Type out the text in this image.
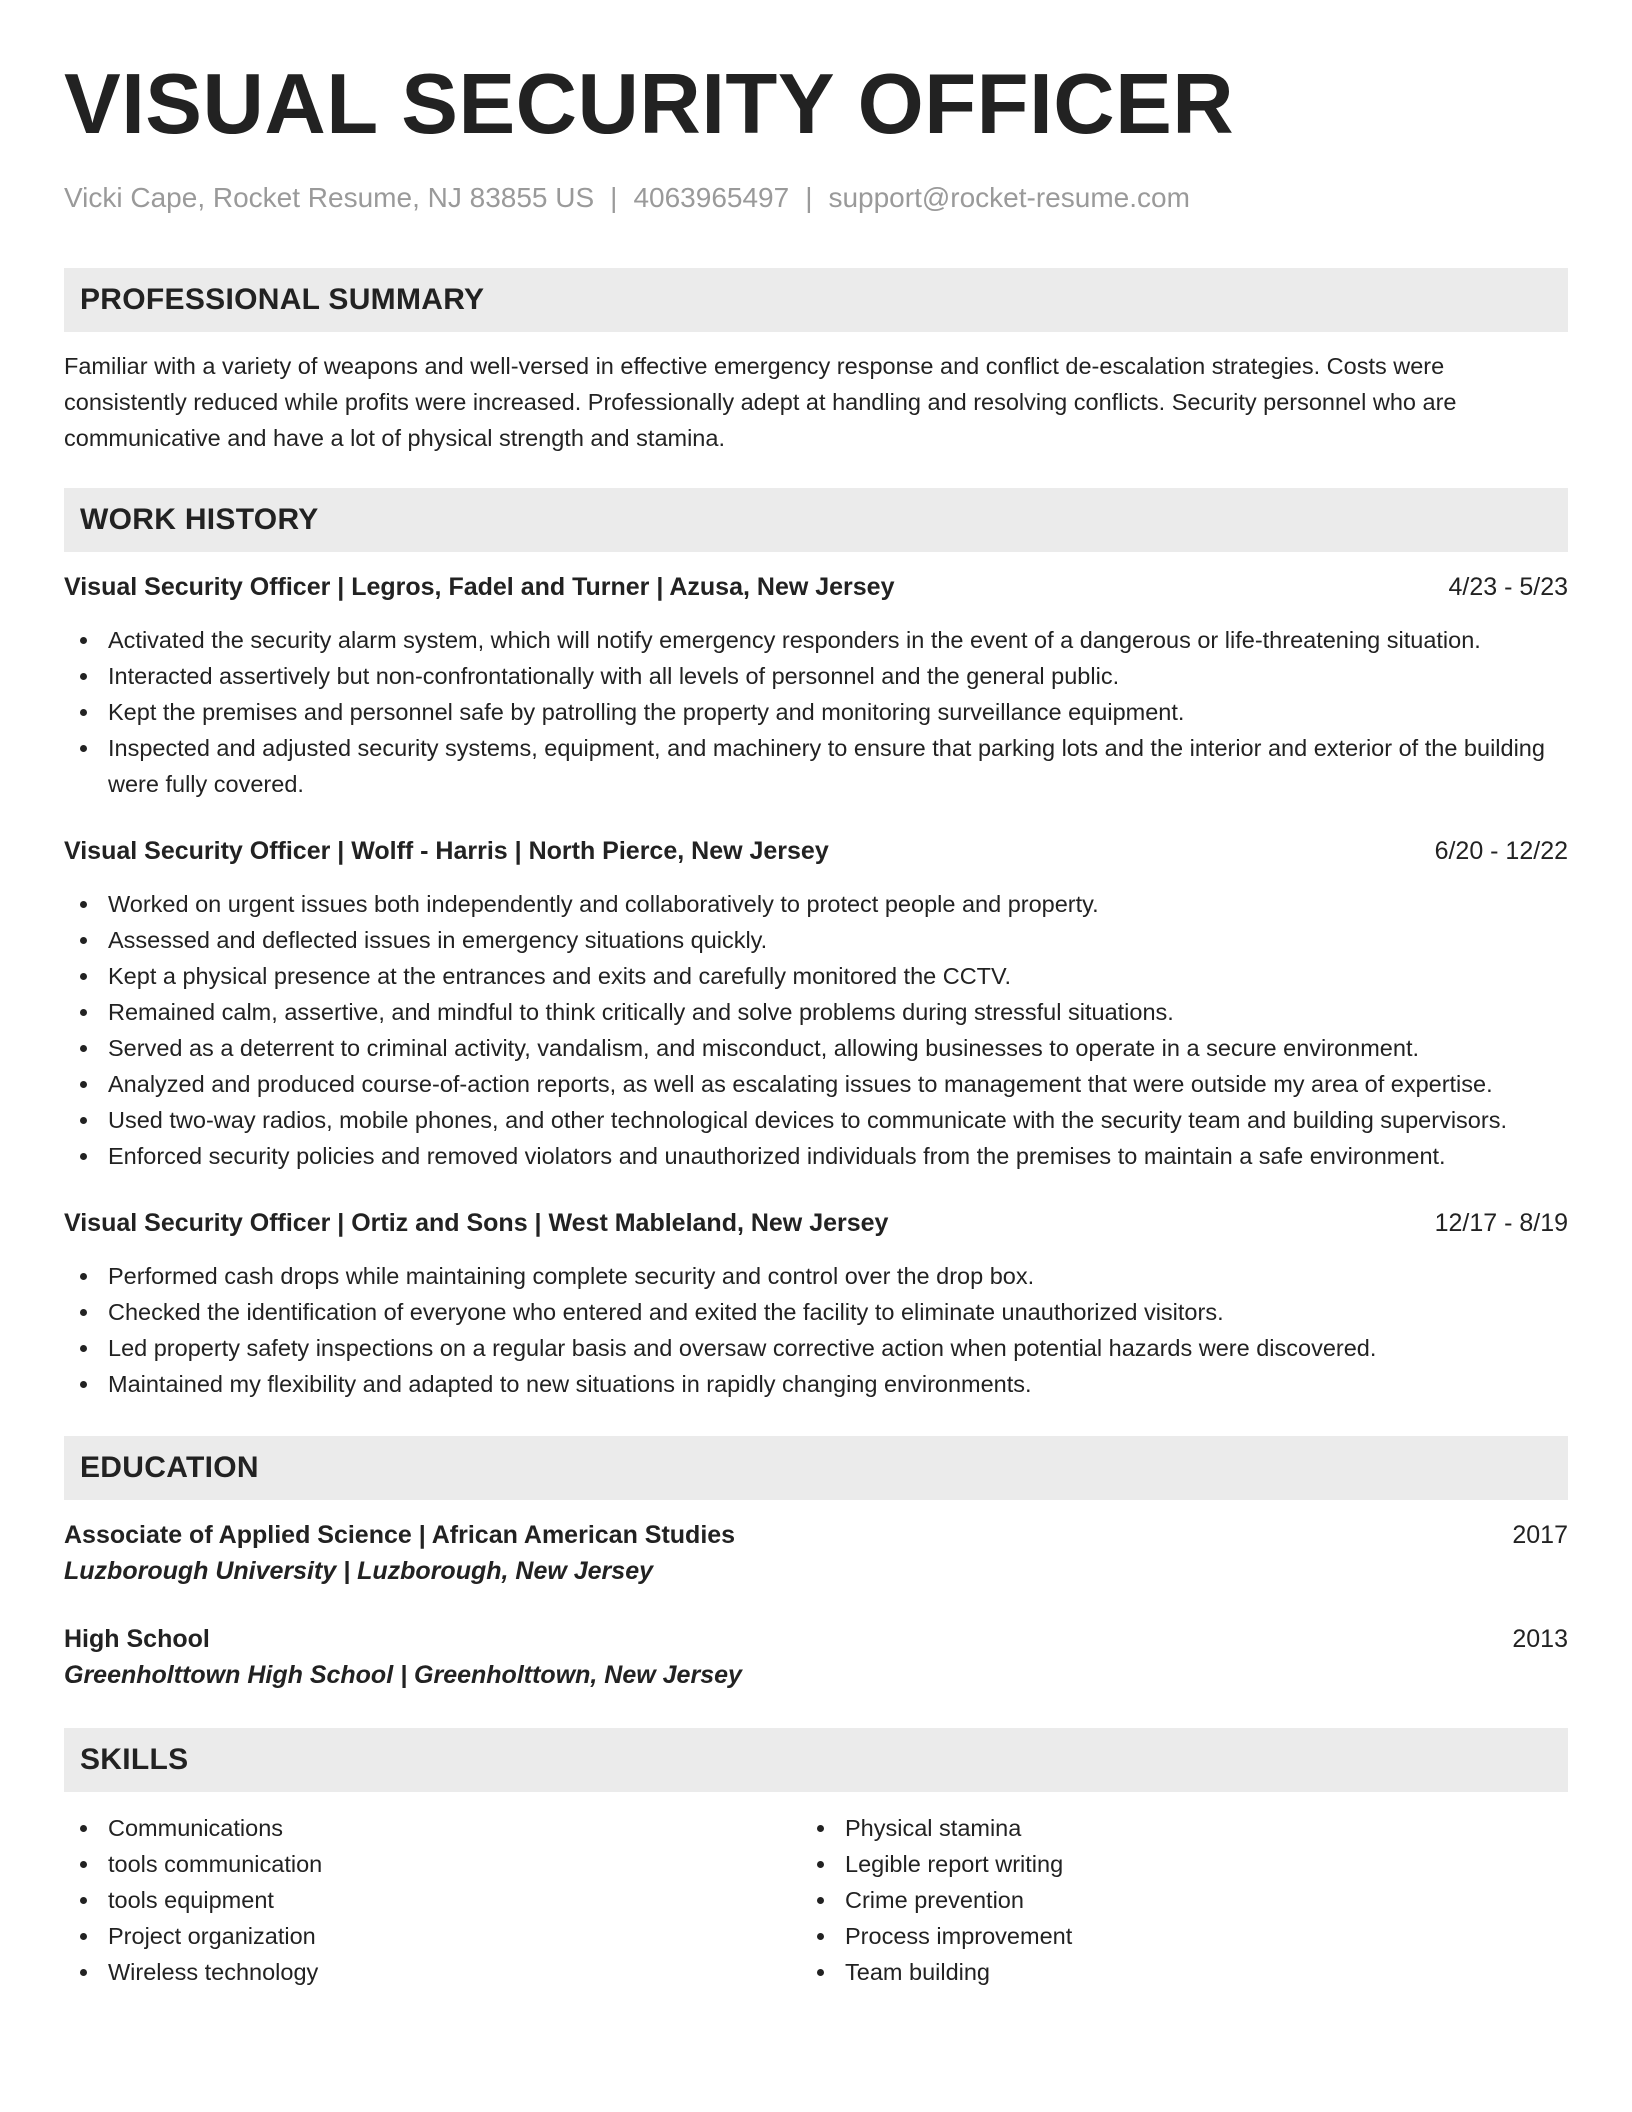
VISUAL SECURITY OFFICER
Vicki Cape, Rocket Resume, NJ 83855 US | 4063965497 | support@rocket-resume.com
PROFESSIONAL SUMMARY
Familiar with a variety of weapons and well-versed in effective emergency response and conflict de-escalation strategies. Costs were consistently reduced while profits were increased. Professionally adept at handling and resolving conflicts. Security personnel who are communicative and have a lot of physical strength and stamina.
WORK HISTORY
Visual Security Officer | Legros, Fadel and Turner | Azusa, New Jersey	4/23 - 5/23
Activated the security alarm system, which will notify emergency responders in the event of a dangerous or life-threatening situation.
Interacted assertively but non-confrontationally with all levels of personnel and the general public.
Kept the premises and personnel safe by patrolling the property and monitoring surveillance equipment.
Inspected and adjusted security systems, equipment, and machinery to ensure that parking lots and the interior and exterior of the building were fully covered.
Visual Security Officer | Wolff - Harris | North Pierce, New Jersey	6/20 - 12/22
Worked on urgent issues both independently and collaboratively to protect people and property.
Assessed and deflected issues in emergency situations quickly.
Kept a physical presence at the entrances and exits and carefully monitored the CCTV.
Remained calm, assertive, and mindful to think critically and solve problems during stressful situations.
Served as a deterrent to criminal activity, vandalism, and misconduct, allowing businesses to operate in a secure environment.
Analyzed and produced course-of-action reports, as well as escalating issues to management that were outside my area of expertise.
Used two-way radios, mobile phones, and other technological devices to communicate with the security team and building supervisors.
Enforced security policies and removed violators and unauthorized individuals from the premises to maintain a safe environment.
Visual Security Officer | Ortiz and Sons | West Mableland, New Jersey	12/17 - 8/19
Performed cash drops while maintaining complete security and control over the drop box.
Checked the identification of everyone who entered and exited the facility to eliminate unauthorized visitors.
Led property safety inspections on a regular basis and oversaw corrective action when potential hazards were discovered.
Maintained my flexibility and adapted to new situations in rapidly changing environments.
EDUCATION
Associate of Applied Science | African American Studies	2017
Luzborough University | Luzborough, New Jersey
High School	2013
Greenholttown High School | Greenholttown, New Jersey
SKILLS
Communications
tools communication
tools equipment
Project organization
Wireless technology
Physical stamina
Legible report writing
Crime prevention
Process improvement
Team building
